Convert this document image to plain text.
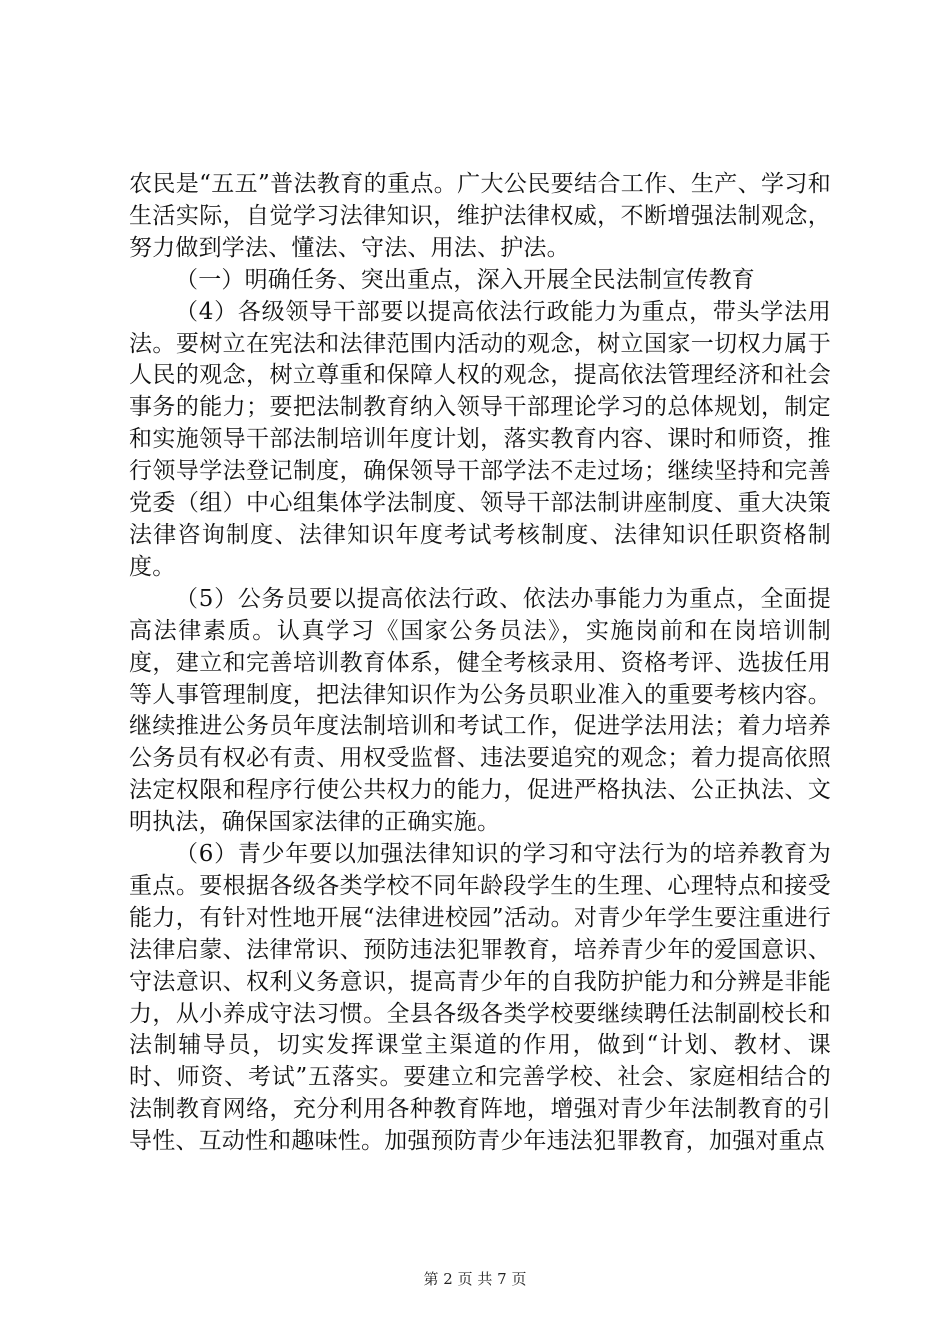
农民是“五五”普法教育的重点。广大公民要结合工作、生产、学习和生活实际，自觉学习法律知识，维护法律权威，不断增强法制观念，努力做到学法、懂法、守法、用法、护法。

（一）明确任务、突出重点，深入开展全民法制宣传教育

（4）各级领导干部要以提高依法行政能力为重点，带头学法用法。要树立在宪法和法律范围内活动的观念，树立国家一切权力属于人民的观念，树立尊重和保障人权的观念，提高依法管理经济和社会事务的能力；要把法制教育纳入领导干部理论学习的总体规划，制定和实施领导干部法制培训年度计划，落实教育内容、课时和师资，推行领导学法登记制度，确保领导干部学法不走过场；继续坚持和完善党委（组）中心组集体学法制度、领导干部法制讲座制度、重大决策法律咨询制度、法律知识年度考试考核制度、法律知识任职资格制度。

（5）公务员要以提高依法行政、依法办事能力为重点，全面提高法律素质。认真学习《国家公务员法》，实施岗前和在岗培训制度，建立和完善培训教育体系，健全考核录用、资格考评、选拔任用等人事管理制度，把法律知识作为公务员职业准入的重要考核内容。继续推进公务员年度法制培训和考试工作，促进学法用法；着力培养公务员有权必有责、用权受监督、违法要追究的观念；着力提高依照法定权限和程序行使公共权力的能力，促进严格执法、公正执法、文明执法，确保国家法律的正确实施。

（6）青少年要以加强法律知识的学习和守法行为的培养教育为重点。要根据各级各类学校不同年龄段学生的生理、心理特点和接受能力，有针对性地开展“法律进校园”活动。对青少年学生要注重进行法律启蒙、法律常识、预防违法犯罪教育，培养青少年的爱国意识、守法意识、权利义务意识，提高青少年的自我防护能力和分辨是非能力，从小养成守法习惯。全县各级各类学校要继续聘任法制副校长和法制辅导员，切实发挥课堂主渠道的作用，做到“计划、教材、课时、师资、考试”五落实。要建立和完善学校、社会、家庭相结合的法制教育网络，充分利用各种教育阵地，增强对青少年法制教育的引导性、互动性和趣味性。加强预防青少年违法犯罪教育，加强对重点

第 2 页 共 7 页
